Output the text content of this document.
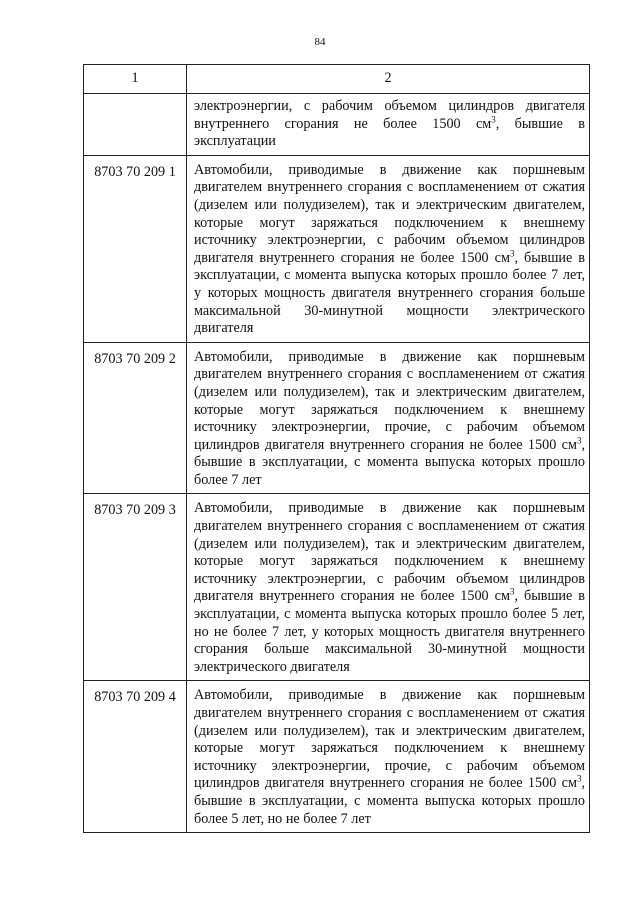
84
1	2
	электроэнергии, с рабочим объемом цилиндров двигателя внутреннего сгорания не более 1500 $см^3$, бывшие в эксплуатации
8703 70 209 1	Автомобили, приводимые в движение как поршневым двигателем внутреннего сгорания с воспламенением от сжатия (дизелем или полудизелем), так и электрическим двигателем, которые могут заряжаться подключением к внешнему источнику электроэнергии, с рабочим объемом цилиндров двигателя внутреннего сгорания не более 1500 $см^3$, бывшие в эксплуатации, с момента выпуска которых прошло более 7 лет, у которых мощность двигателя внутреннего сгорания больше максимальной 30-минутной мощности электрического двигателя
8703 70 209 2	Автомобили, приводимые в движение как поршневым двигателем внутреннего сгорания с воспламенением от сжатия (дизелем или полудизелем), так и электрическим двигателем, которые могут заряжаться подключением к внешнему источнику электроэнергии, прочие, с рабочим объемом цилиндров двигателя внутреннего сгорания не более 1500 $см^3$, бывшие в эксплуатации, с момента выпуска которых прошло более 7 лет
8703 70 209 3	Автомобили, приводимые в движение как поршневым двигателем внутреннего сгорания с воспламенением от сжатия (дизелем или полудизелем), так и электрическим двигателем, которые могут заряжаться подключением к внешнему источнику электроэнергии, с рабочим объемом цилиндров двигателя внутреннего сгорания не более 1500 $см^3$, бывшие в эксплуатации, с момента выпуска которых прошло более 5 лет, но не более 7 лет, у которых мощность двигателя внутреннего сгорания больше максимальной 30-минутной мощности электрического двигателя
8703 70 209 4	Автомобили, приводимые в движение как поршневым двигателем внутреннего сгорания с воспламенением от сжатия (дизелем или полудизелем), так и электрическим двигателем, которые могут заряжаться подключением к внешнему источнику электроэнергии, прочие, с рабочим объемом цилиндров двигателя внутреннего сгорания не более 1500 $см^3$, бывшие в эксплуатации, с момента выпуска которых прошло более 5 лет, но не более 7 лет
